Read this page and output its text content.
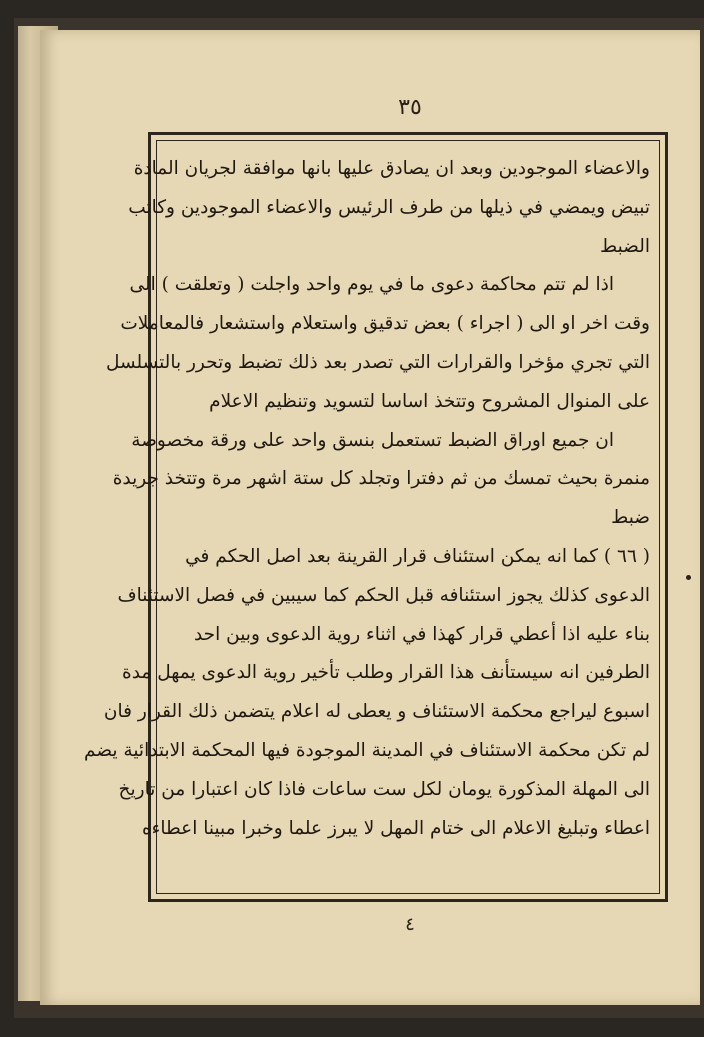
٣٥
والاعضاء الموجودين وبعد ان يصادق عليها بانها موافقة لجريان المادة
تبيض ويمضي في ذيلها من طرف الرئيس والاعضاء الموجودين وكاتب
الضبط
اذا لم تتم محاكمة دعوى ما في يوم واحد واجلت ( وتعلقت ) الى
وقت اخر او الى ( اجراء ) بعض تدقيق واستعلام واستشعار فالمعاملات
التي تجري مؤخرا والقرارات التي تصدر بعد ذلك تضبط وتحرر بالتسلسل
على المنوال المشروح وتتخذ اساسا لتسويد وتنظيم الاعلام
ان جميع اوراق الضبط تستعمل بنسق واحد على ورقة مخصوصة
منمرة بحيث تمسك من ثم دفترا وتجلد كل ستة اشهر مرة وتتخذ جريدة
ضبط
( ٦٦ ) كما انه يمكن استئناف قرار القرينة بعد اصل الحكم في
الدعوى كذلك يجوز استئنافه قبل الحكم كما سيبين في فصل الاستئناف
بناء عليه اذا أعطي قرار كهذا في اثناء روية الدعوى وبين احد
الطرفين انه سيستأنف هذا القرار وطلب تأخير روية الدعوى يمهل مدة
اسبوع ليراجع محكمة الاستئناف و يعطى له اعلام يتضمن ذلك القرار فان
لم تكن محكمة الاستئناف في المدينة الموجودة فيها المحكمة الابتدائية يضم
الى المهلة المذكورة يومان لكل ست ساعات فاذا كان اعتبارا من تاريخ
اعطاء وتبليغ الاعلام الى ختام المهل لا يبرز علما وخبرا مبينا اعطاءه
٤
